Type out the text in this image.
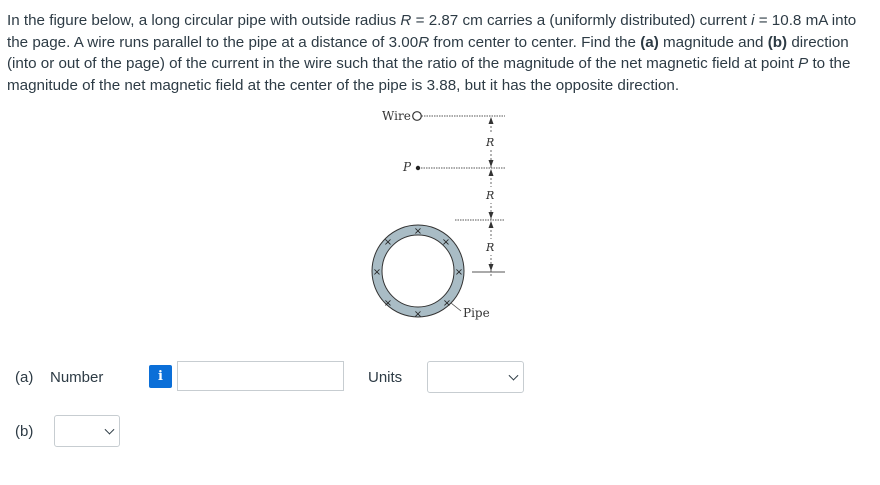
In the figure below, a long circular pipe with outside radius R = 2.87 cm carries a (uniformly distributed) current i = 10.8 mA into the page. A wire runs parallel to the pipe at a distance of 3.00R from center to center. Find the (a) magnitude and (b) direction (into or out of the page) of the current in the wire such that the ratio of the magnitude of the net magnetic field at point P to the magnitude of the net magnetic field at the center of the pipe is 3.88, but it has the opposite direction.

Wire
P
R
R
R
×
×
×
×
×
×
×
×
Pipe
(a) Number	i	Units
(b)
